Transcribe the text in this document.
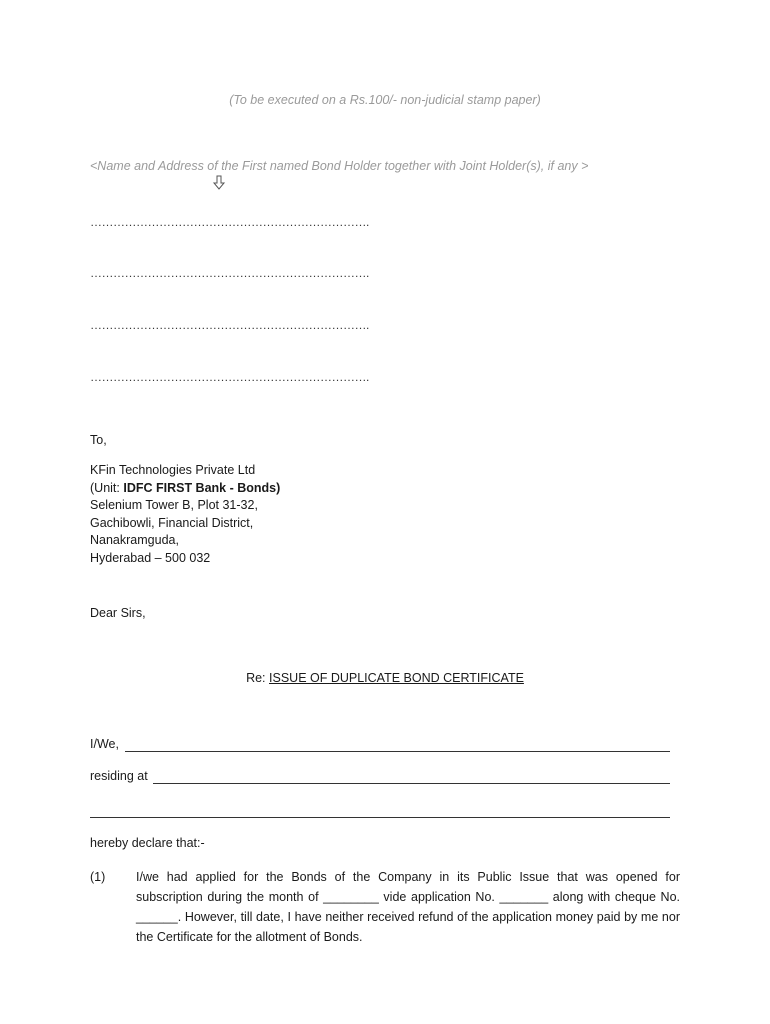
(To be executed on a Rs.100/- non-judicial stamp paper)
<Name and Address of the First named Bond Holder together with Joint Holder(s), if any >
……………………………………………………………….
……………………………………………………………….
……………………………………………………………….
……………………………………………………………….
To,
KFin Technologies Private Ltd
(Unit: IDFC FIRST Bank - Bonds)
Selenium Tower B, Plot 31-32,
Gachibowli, Financial District,
Nanakramguda,
Hyderabad – 500 032
Dear Sirs,
Re: ISSUE OF DUPLICATE BOND CERTIFICATE
I/We,
residing at
hereby declare that:-
(1) I/we had applied for the Bonds of the Company in its Public Issue that was opened for subscription during the month of ________ vide application No. _______ along with cheque No. ______. However, till date, I have neither received refund of the application money paid by me nor the Certificate for the allotment of Bonds.
